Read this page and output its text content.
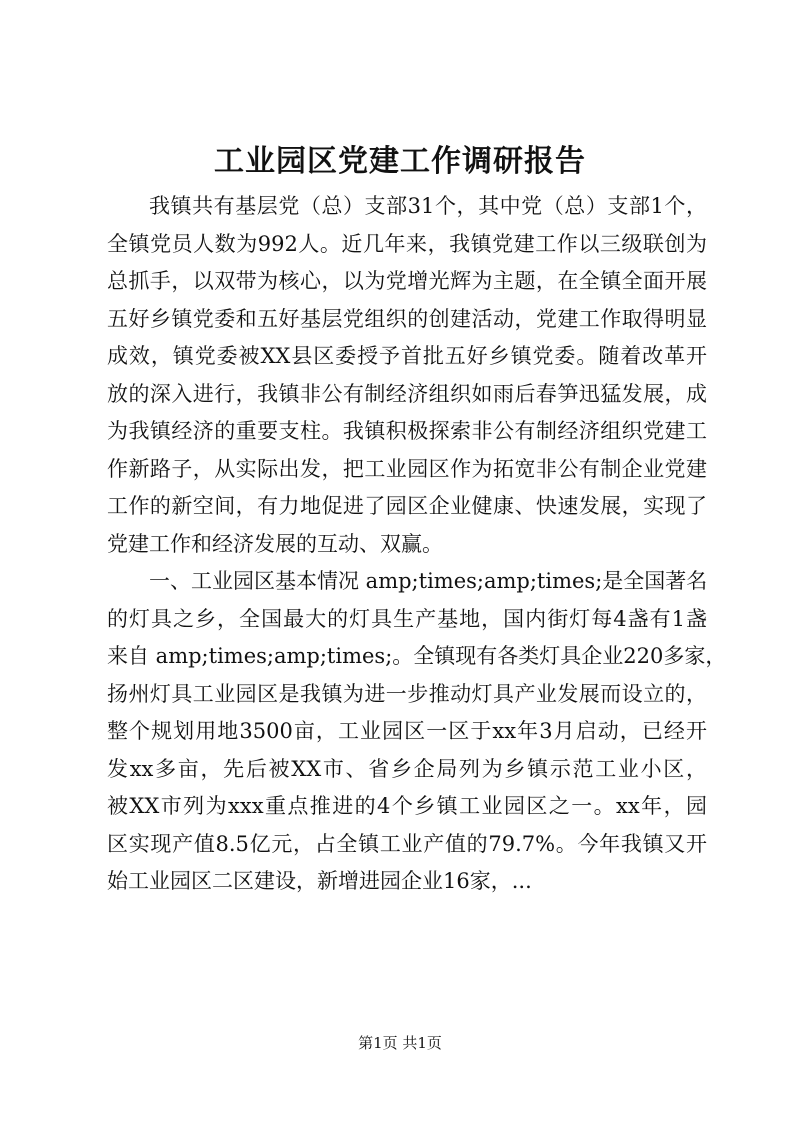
工业园区党建工作调研报告
我镇共有基层党（总）支部31个，其中党（总）支部1个，
全镇党员人数为992人。近几年来，我镇党建工作以三级联创为
总抓手，以双带为核心，以为党增光辉为主题，在全镇全面开展
五好乡镇党委和五好基层党组织的创建活动，党建工作取得明显
成效，镇党委被XX县区委授予首批五好乡镇党委。随着改革开
放的深入进行，我镇非公有制经济组织如雨后春笋迅猛发展，成
为我镇经济的重要支柱。我镇积极探索非公有制经济组织党建工
作新路子，从实际出发，把工业园区作为拓宽非公有制企业党建
工作的新空间，有力地促进了园区企业健康、快速发展，实现了
党建工作和经济发展的互动、双赢。
一、工业园区基本情况 amp;times;amp;times;是全国著名
的灯具之乡，全国最大的灯具生产基地，国内街灯每4盏有1盏
来自 amp;times;amp;times;。全镇现有各类灯具企业220多家，
扬州灯具工业园区是我镇为进一步推动灯具产业发展而设立的，
整个规划用地3500亩，工业园区一区于xx年3月启动，已经开
发xx多亩，先后被XX市、省乡企局列为乡镇示范工业小区，
被XX市列为xxx重点推进的4个乡镇工业园区之一。xx年，园
区实现产值8.5亿元，占全镇工业产值的79.7%。今年我镇又开
始工业园区二区建设，新增进园企业16家，...
第1页 共1页
